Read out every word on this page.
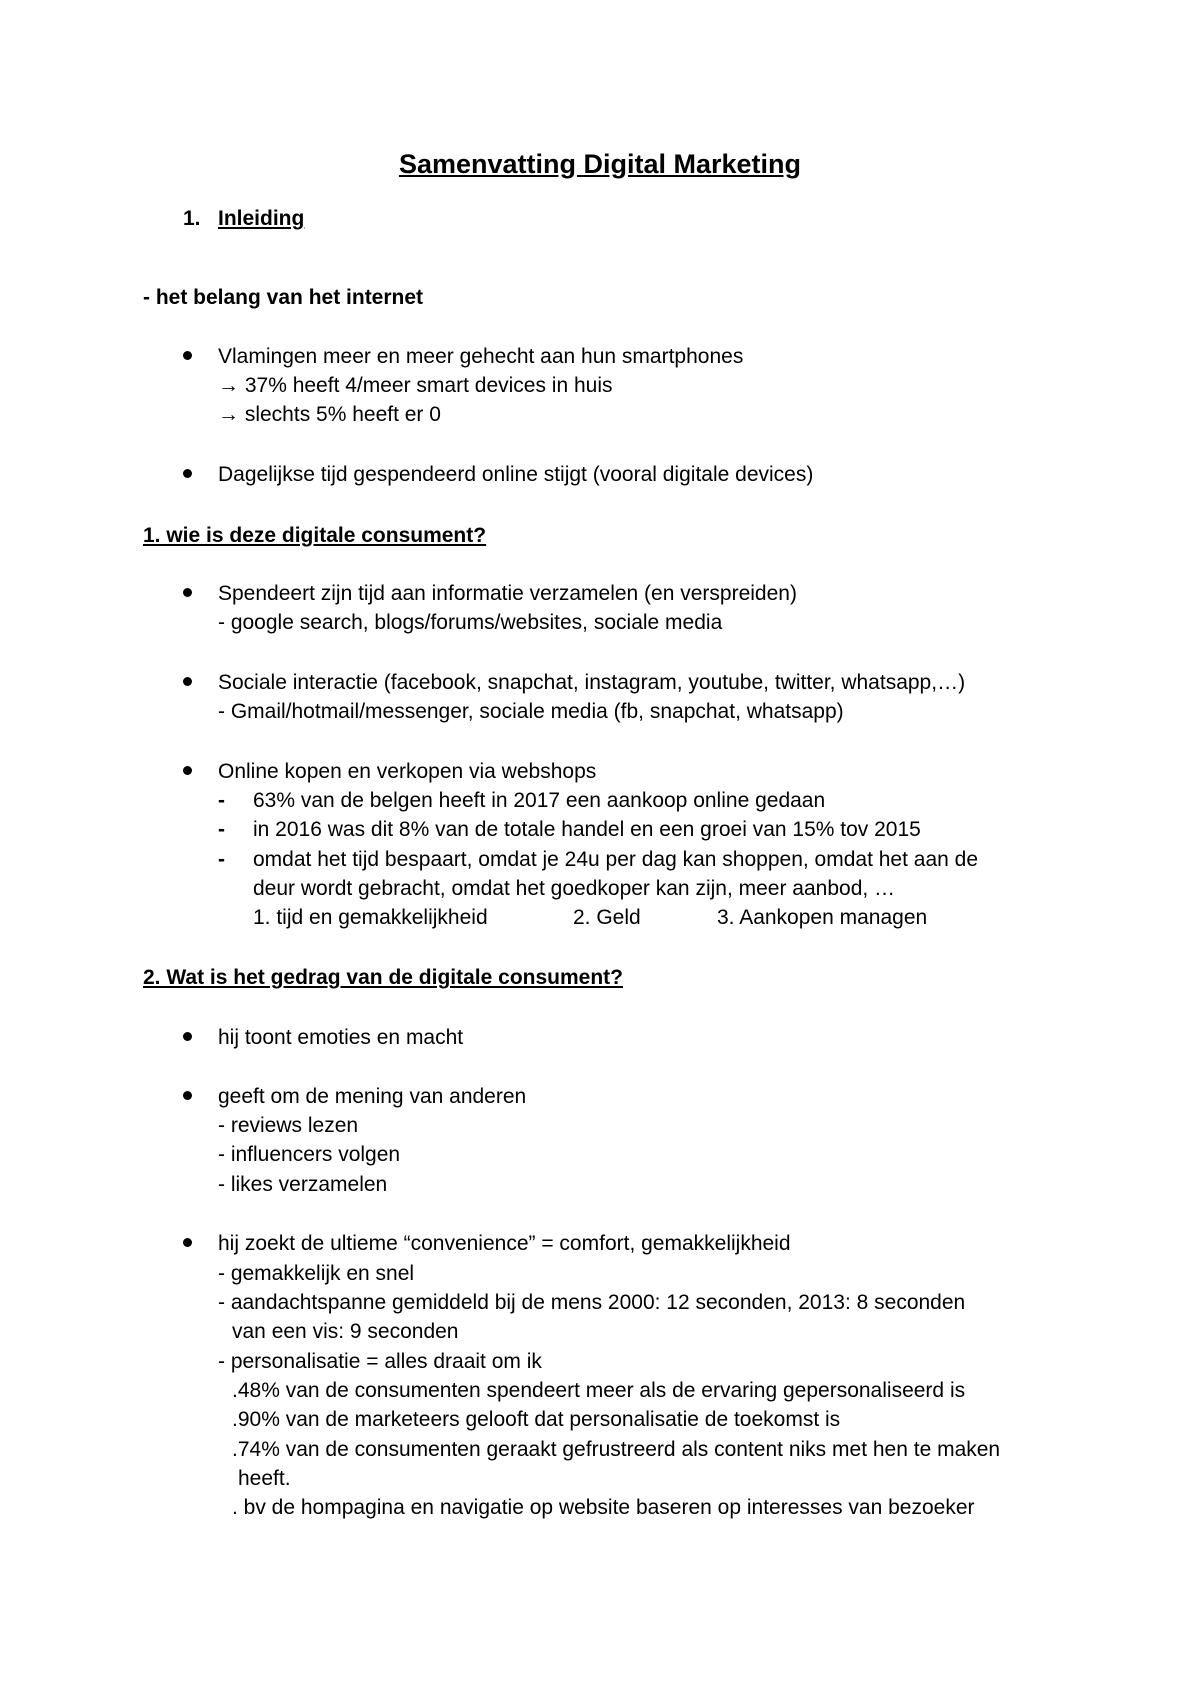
Samenvatting Digital Marketing
1. Inleiding
- het belang van het internet
Vlamingen meer en meer gehecht aan hun smartphones
→ 37% heeft 4/meer smart devices in huis
→ slechts 5% heeft er 0
Dagelijkse tijd gespendeerd online stijgt (vooral digitale devices)
1. wie is deze digitale consument?
Spendeert zijn tijd aan informatie verzamelen (en verspreiden)
- google search, blogs/forums/websites, sociale media
Sociale interactie (facebook, snapchat, instagram, youtube, twitter, whatsapp,…)
- Gmail/hotmail/messenger, sociale media (fb, snapchat, whatsapp)
Online kopen en verkopen via webshops
- 63% van de belgen heeft in 2017 een aankoop online gedaan
- in 2016 was dit 8% van de totale handel en een groei van 15% tov 2015
- omdat het tijd bespaart, omdat je 24u per dag kan shoppen, omdat het aan de
deur wordt gebracht, omdat het goedkoper kan zijn, meer aanbod, …
1. tijd en gemakkelijkheid	2. Geld	3. Aankopen managen
2. Wat is het gedrag van de digitale consument?
hij toont emoties en macht
geeft om de mening van anderen
- reviews lezen
- influencers volgen
- likes verzamelen
hij zoekt de ultieme “convenience” = comfort, gemakkelijkheid
- gemakkelijk en snel
- aandachtspanne gemiddeld bij de mens 2000: 12 seconden, 2013: 8 seconden
van een vis: 9 seconden
- personalisatie = alles draait om ik
.48% van de consumenten spendeert meer als de ervaring gepersonaliseerd is
.90% van de marketeers gelooft dat personalisatie de toekomst is
.74% van de consumenten geraakt gefrustreerd als content niks met hen te maken
heeft.
. bv de hompagina en navigatie op website baseren op interesses van bezoeker
